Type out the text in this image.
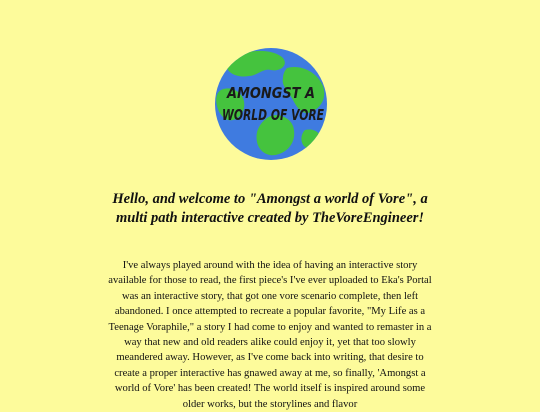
AMONGST A
WORLD OF VORE
Hello, and welcome to "Amongst a world of Vore", a multi path interactive created by TheVoreEngineer!

I've always played around with the idea of having an interactive story available for those to read, the first piece's I've ever uploaded to Eka's Portal was an interactive story, that got one vore scenario complete, then left abandoned. I once attempted to recreate a popular favorite, "My Life as a Teenage Voraphile," a story I had come to enjoy and wanted to remaster in a way that new and old readers alike could enjoy it, yet that too slowly meandered away. However, as I've come back into writing, that desire to create a proper interactive has gnawed away at me, so finally, 'Amongst a world of Vore' has been created! The world itself is inspired around some older works, but the storylines and flavor
